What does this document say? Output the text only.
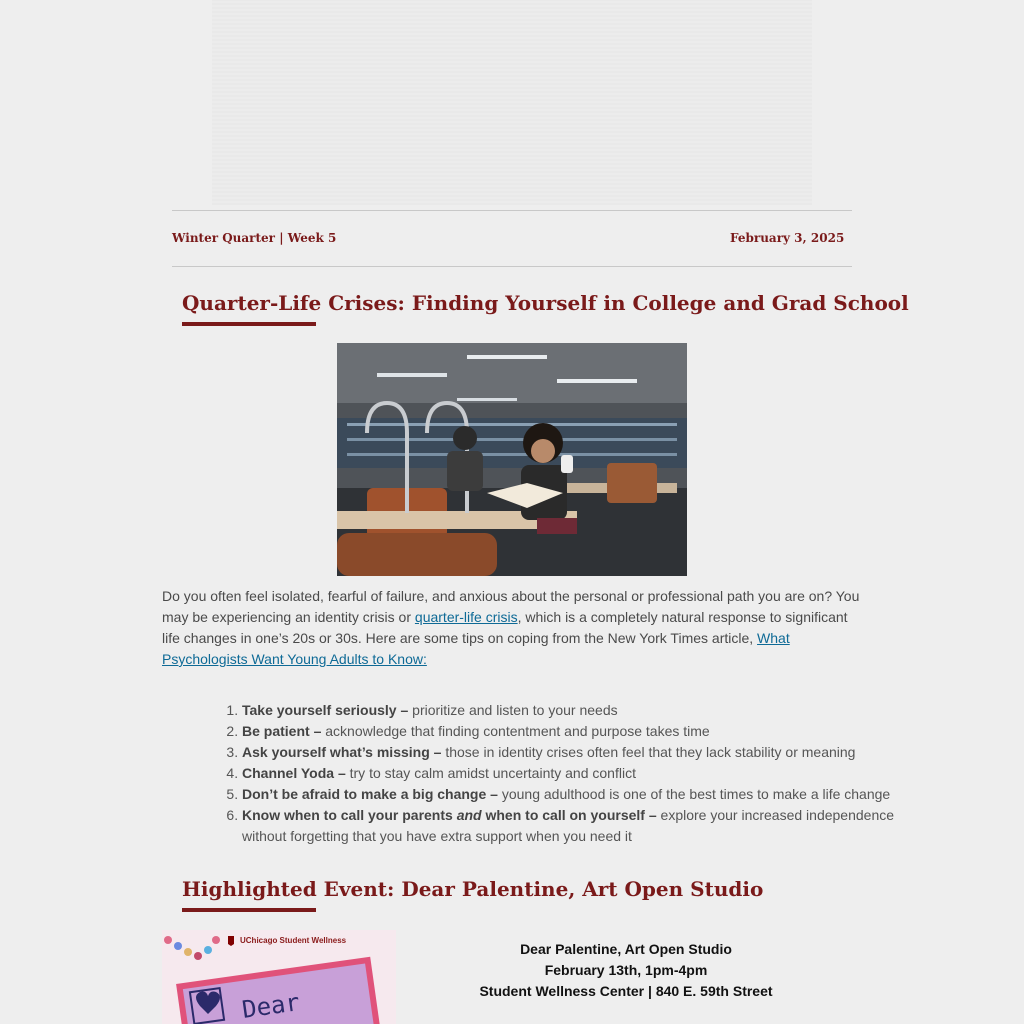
Winter Quarter | Week 5	February 3, 2025
Quarter-Life Crises: Finding Yourself in College and Grad School

Do you often feel isolated, fearful of failure, and anxious about the personal or professional path you are on? You may be experiencing an identity crisis or quarter-life crisis, which is a completely natural response to significant life changes in one’s 20s or 30s. Here are some tips on coping from the New York Times article, What Psychologists Want Young Adults to Know:

1. Take yourself seriously – prioritize and listen to your needs
2. Be patient – acknowledge that finding contentment and purpose takes time
3. Ask yourself what’s missing – those in identity crises often feel that they lack stability or meaning
4. Channel Yoda – try to stay calm amidst uncertainty and conflict
5. Don’t be afraid to make a big change – young adulthood is one of the best times to make a life change
6. Know when to call your parents and when to call on yourself – explore your increased independence without forgetting that you have extra support when you need it
Highlighted Event: Dear Palentine, Art Open Studio
UChicago Student Wellness
Dear
Dear Palentine, Art Open Studio
February 13th, 1pm-4pm
Student Wellness Center | 840 E. 59th Street
